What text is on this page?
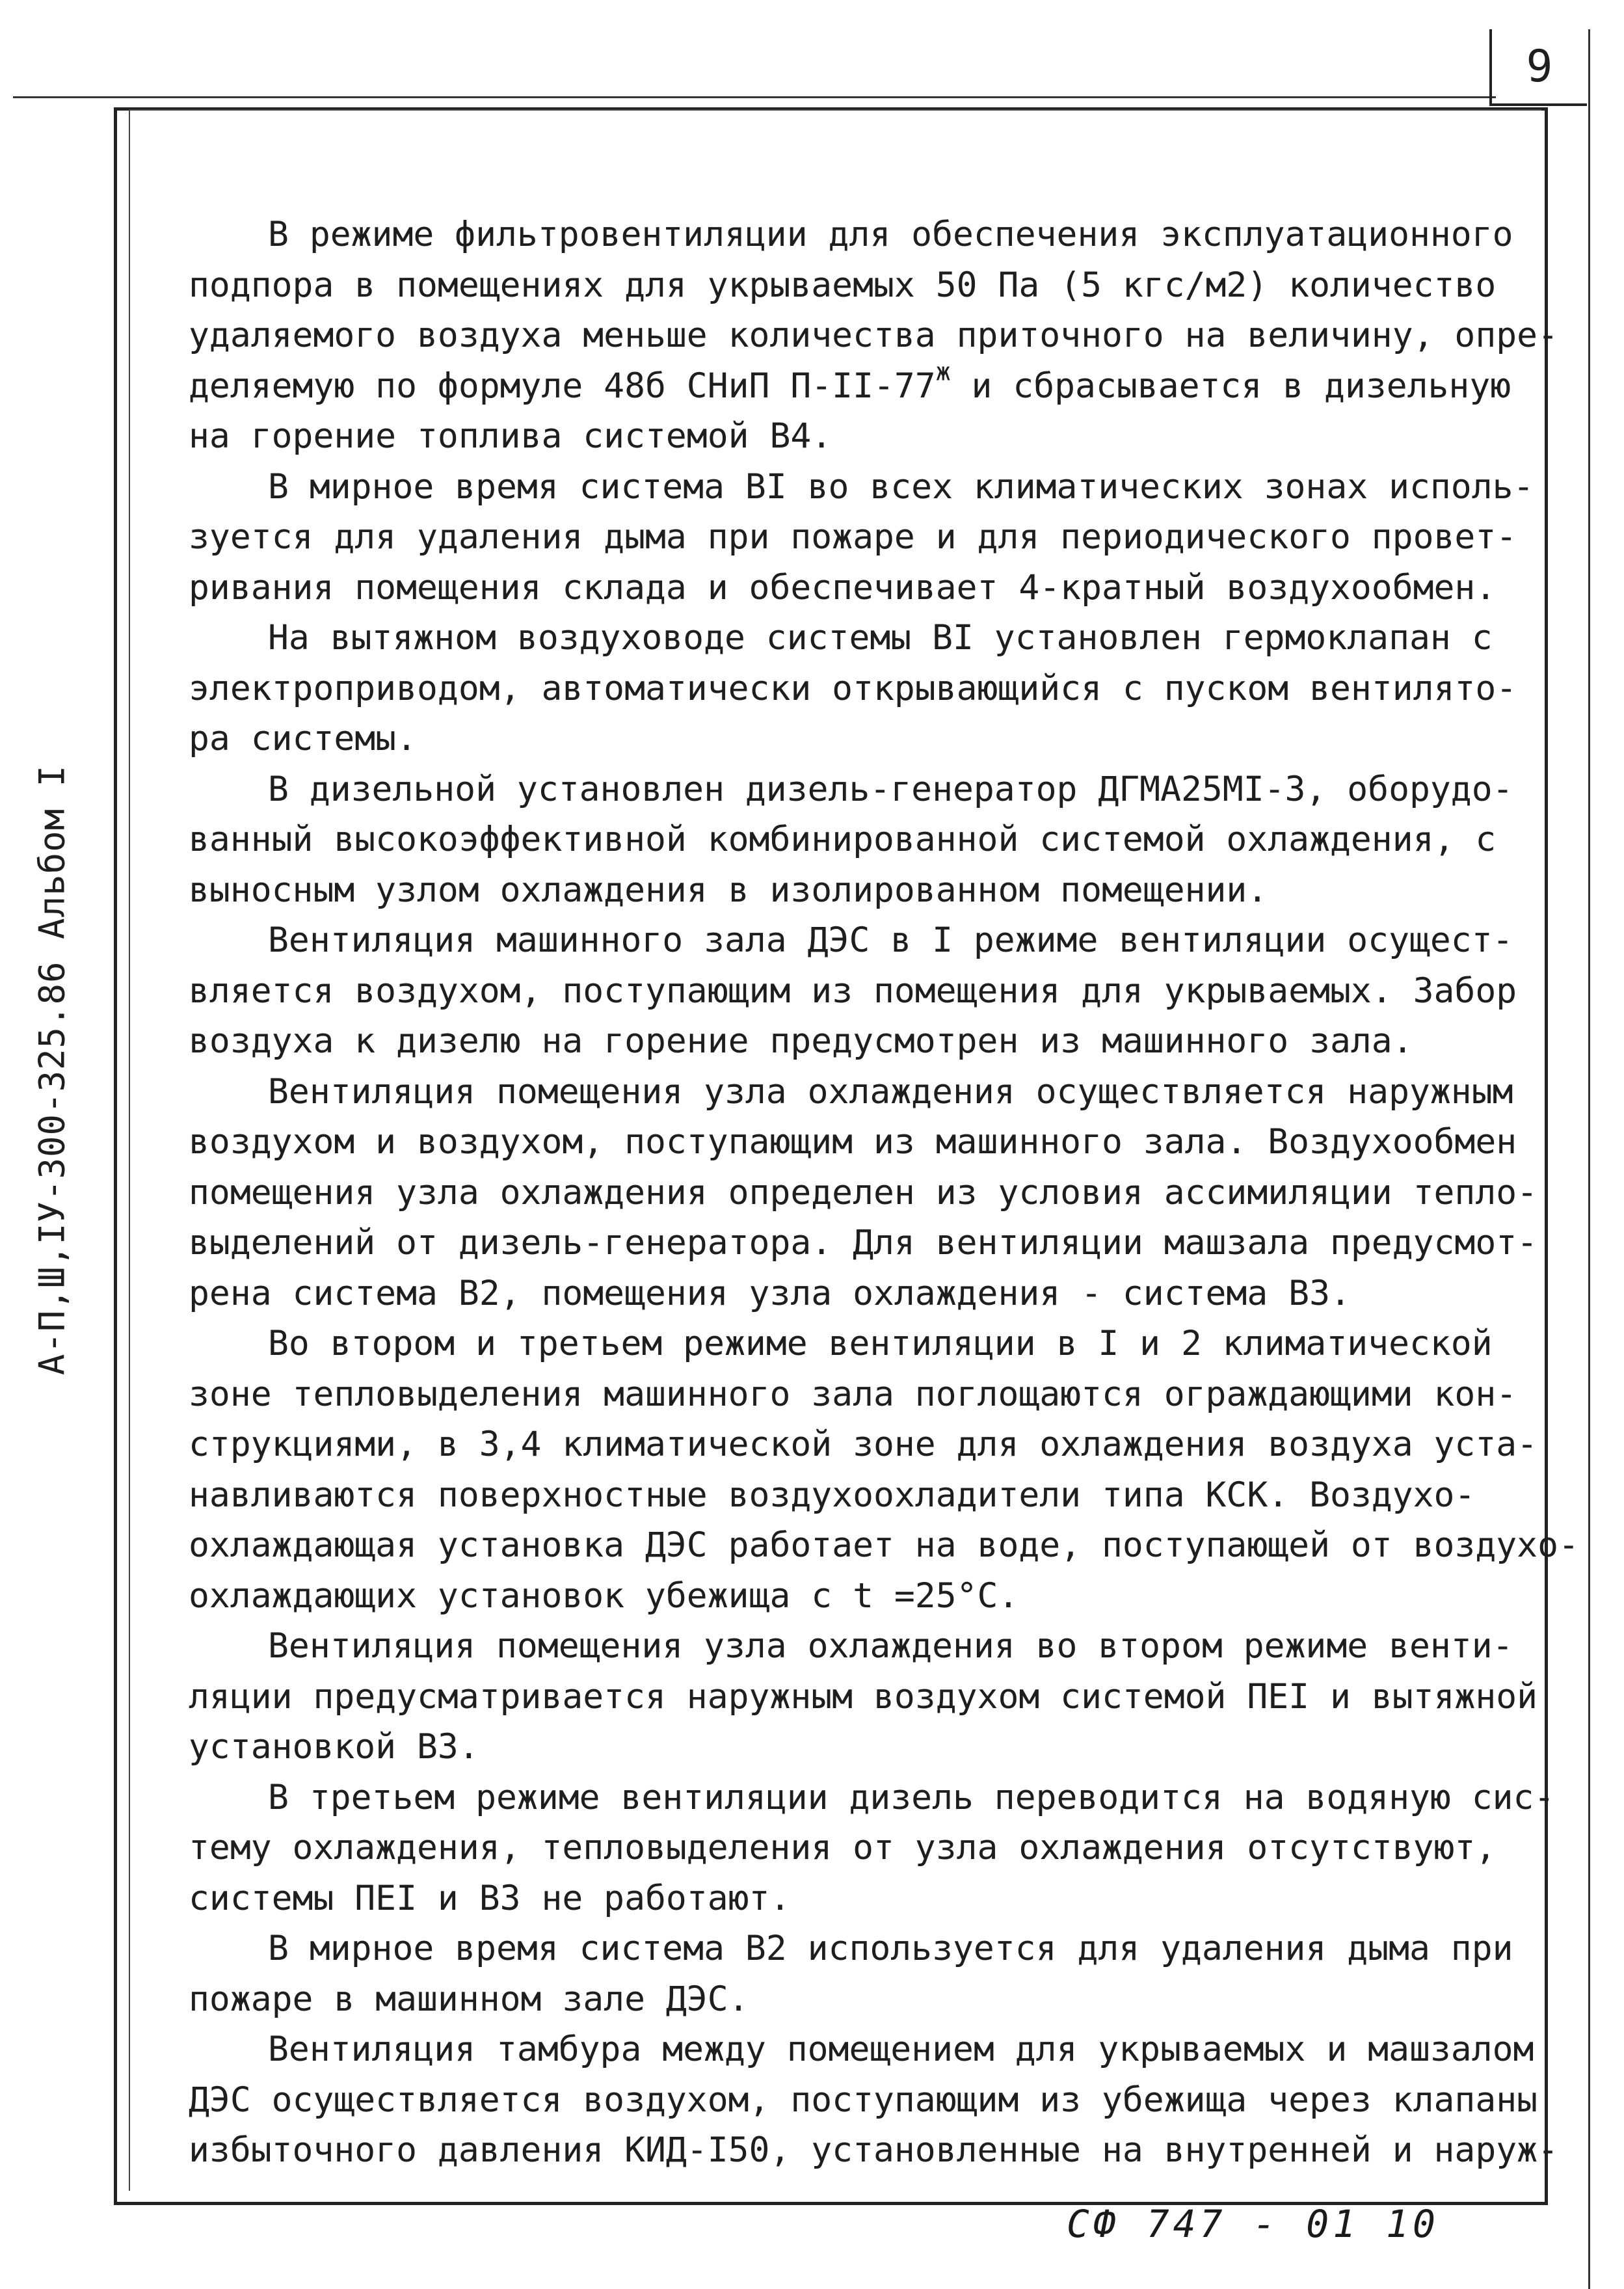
9
А-П,Ш,IУ-300-325.86 Альбом I
В режиме фильтровентиляции для обеспечения эксплуатационного
подпора в помещениях для укрываемых 50 Па (5 кгс/м2) количество
удаляемого воздуха меньше количества приточного на величину, опре-
деляемую по формуле 48б СНиП $П-II-77^ж$ и сбрасывается в дизельную
на горение топлива системой В4.
В мирное время система BI во всех климатических зонах исполь-
зуется для удаления дыма при пожаре и для периодического провет-
ривания помещения склада и обеспечивает 4-кратный воздухообмен.
На вытяжном воздуховоде системы BI установлен гермоклапан с
электроприводом, автоматически открывающийся с пуском вентилято-
ра системы.
В дизельной установлен дизель-генератор ДГМА25МI-3, оборудо-
ванный высокоэффективной комбинированной системой охлаждения, с
выносным узлом охлаждения в изолированном помещении.
Вентиляция машинного зала ДЭС в I режиме вентиляции осущест-
вляется воздухом, поступающим из помещения для укрываемых. Забор
воздуха к дизелю на горение предусмотрен из машинного зала.
Вентиляция помещения узла охлаждения осуществляется наружным
воздухом и воздухом, поступающим из машинного зала. Воздухообмен
помещения узла охлаждения определен из условия ассимиляции тепло-
выделений от дизель-генератора. Для вентиляции машзала предусмот-
рена система В2, помещения узла охлаждения - система В3.
Во втором и третьем режиме вентиляции в I и 2 климатической
зоне тепловыделения машинного зала поглощаются ограждающими кон-
струкциями, в 3,4 климатической зоне для охлаждения воздуха уста-
навливаются поверхностные воздухоохладители типа КСК. Воздухо-
охлаждающая установка ДЭС работает на воде, поступающей от воздухо-
охлаждающих установок убежища с t =25°С.
Вентиляция помещения узла охлаждения во втором режиме венти-
ляции предусматривается наружным воздухом системой ПЕI и вытяжной
установкой В3.
В третьем режиме вентиляции дизель переводится на водяную сис-
тему охлаждения, тепловыделения от узла охлаждения отсутствуют,
системы ПЕI и В3 не работают.
В мирное время система В2 используется для удаления дыма при
пожаре в машинном зале ДЭС.
Вентиляция тамбура между помещением для укрываемых и машзалом
ДЭС осуществляется воздухом, поступающим из убежища через клапаны
избыточного давления КИД-I50, установленные на внутренней и наруж-
СФ 747 - 01 10
